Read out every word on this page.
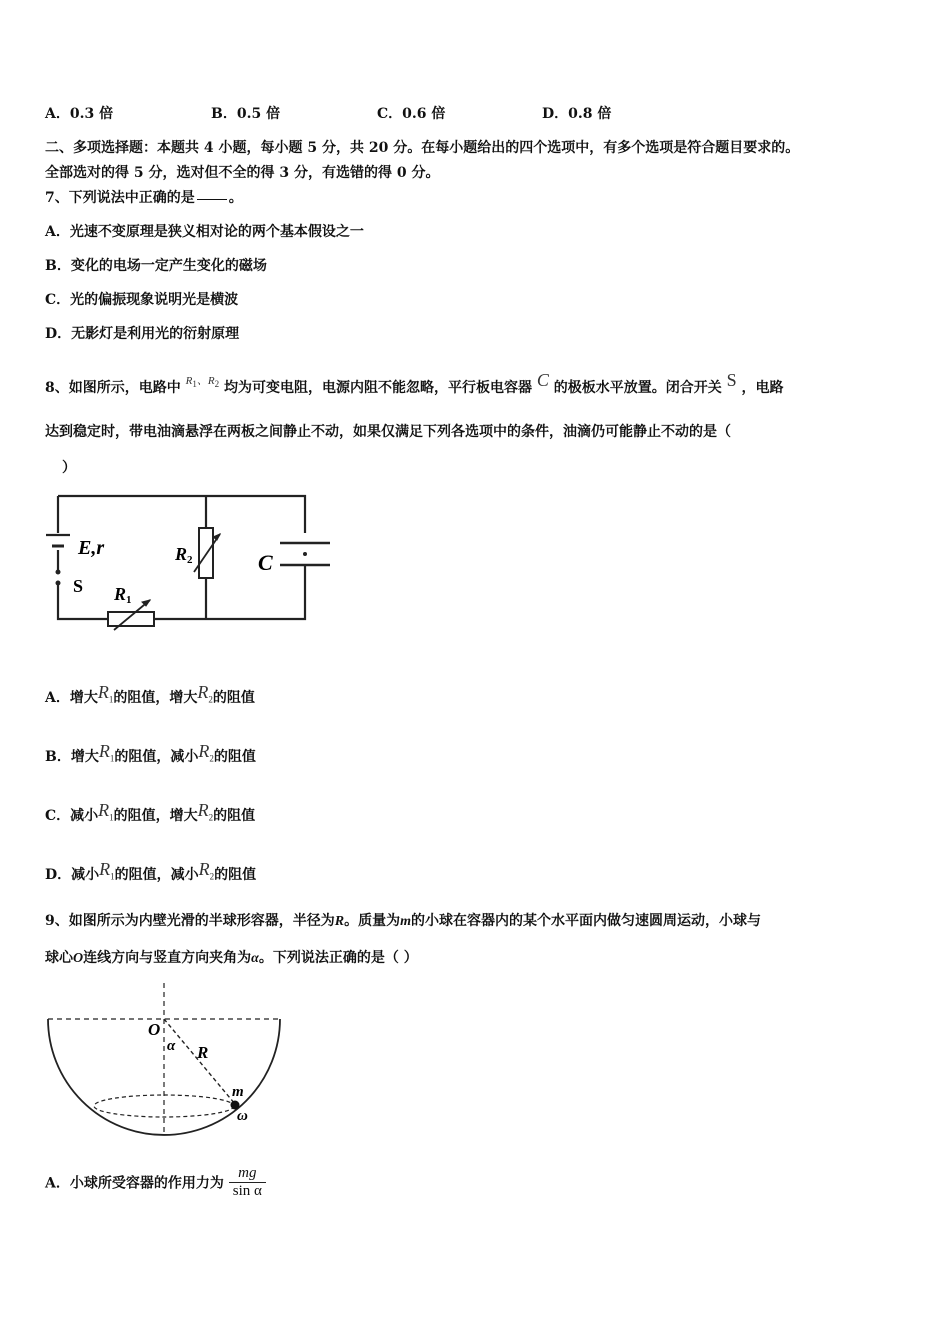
A．0.3 倍	B．0.5 倍	C．0.6 倍	D．0.8 倍
二、多项选择题：本题共 4 小题，每小题 5 分，共 20 分。在每小题给出的四个选项中，有多个选项是符合题目要求的。
全部选对的得 5 分，选对但不全的得 3 分，有选错的得 0 分。
7、下列说法中正确的是 。
A．光速不变原理是狭义相对论的两个基本假设之一
B．变化的电场一定产生变化的磁场
C．光的偏振现象说明光是横波
D．无影灯是利用光的衍射原理
8、如图所示，电路中 $^{R_1、R_2}$ 均为可变电阻，电源内阻不能忽略，平行板电容器 C 的极板水平放置。闭合开关 S ，电路
达到稳定时，带电油滴悬浮在两板之间静止不动，如果仅满足下列各选项中的条件，油滴仍可能静止不动的是（
）
E,r
S R1
R2	C
A．增大$R_1$的阻值，增大$R_2$的阻值
B．增大$R_1$的阻值，减小$R_2$的阻值
C．减小$R_1$的阻值，增大$R_2$的阻值
D．减小$R_1$的阻值，减小$R_2$的阻值
9、如图所示为内壁光滑的半球形容器，半径为R。质量为m的小球在容器内的某个水平面内做匀速圆周运动，小球与
球心O连线方向与竖直方向夹角为α。下列说法正确的是（ ）
O
α R
m
ω
A．小球所受容器的作用力为 $\frac{mg}{\text{sin α}}$
